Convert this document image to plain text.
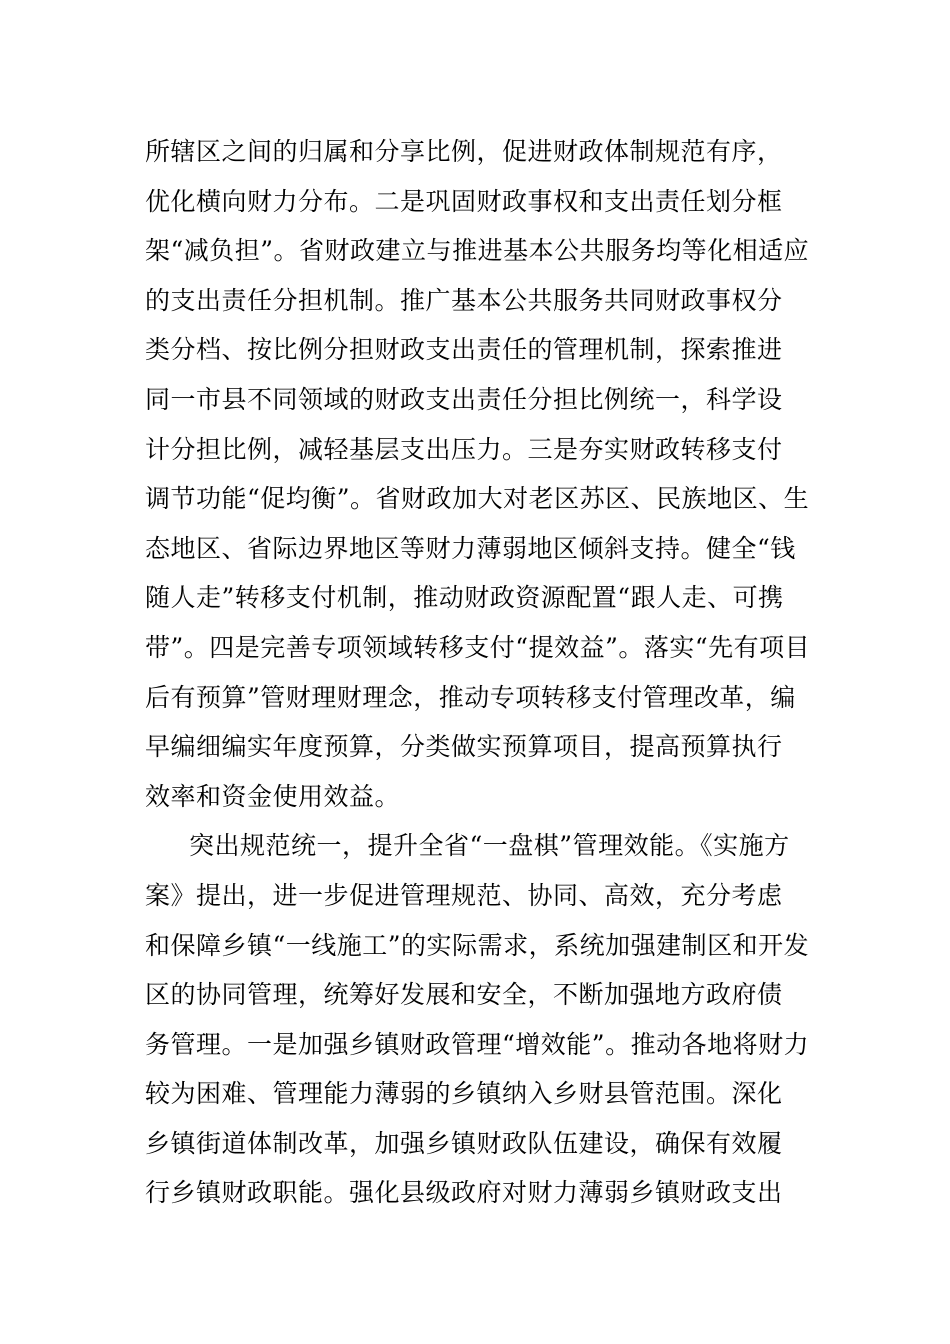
所辖区之间的归属和分享比例，促进财政体制规范有序，
优化横向财力分布。二是巩固财政事权和支出责任划分框
架“减负担”。省财政建立与推进基本公共服务均等化相适应
的支出责任分担机制。推广基本公共服务共同财政事权分
类分档、按比例分担财政支出责任的管理机制，探索推进
同一市县不同领域的财政支出责任分担比例统一，科学设
计分担比例，减轻基层支出压力。三是夯实财政转移支付
调节功能“促均衡”。省财政加大对老区苏区、民族地区、生
态地区、省际边界地区等财力薄弱地区倾斜支持。健全“钱
随人走”转移支付机制，推动财政资源配置“跟人走、可携
带”。四是完善专项领域转移支付“提效益”。落实“先有项目
后有预算”管财理财理念，推动专项转移支付管理改革，编
早编细编实年度预算，分类做实预算项目，提高预算执行
效率和资金使用效益。
突出规范统一，提升全省“一盘棋”管理效能。《实施方
案》提出，进一步促进管理规范、协同、高效，充分考虑
和保障乡镇“一线施工”的实际需求，系统加强建制区和开发
区的协同管理，统筹好发展和安全，不断加强地方政府债
务管理。一是加强乡镇财政管理“增效能”。推动各地将财力
较为困难、管理能力薄弱的乡镇纳入乡财县管范围。深化
乡镇街道体制改革，加强乡镇财政队伍建设，确保有效履
行乡镇财政职能。强化县级政府对财力薄弱乡镇财政支出
